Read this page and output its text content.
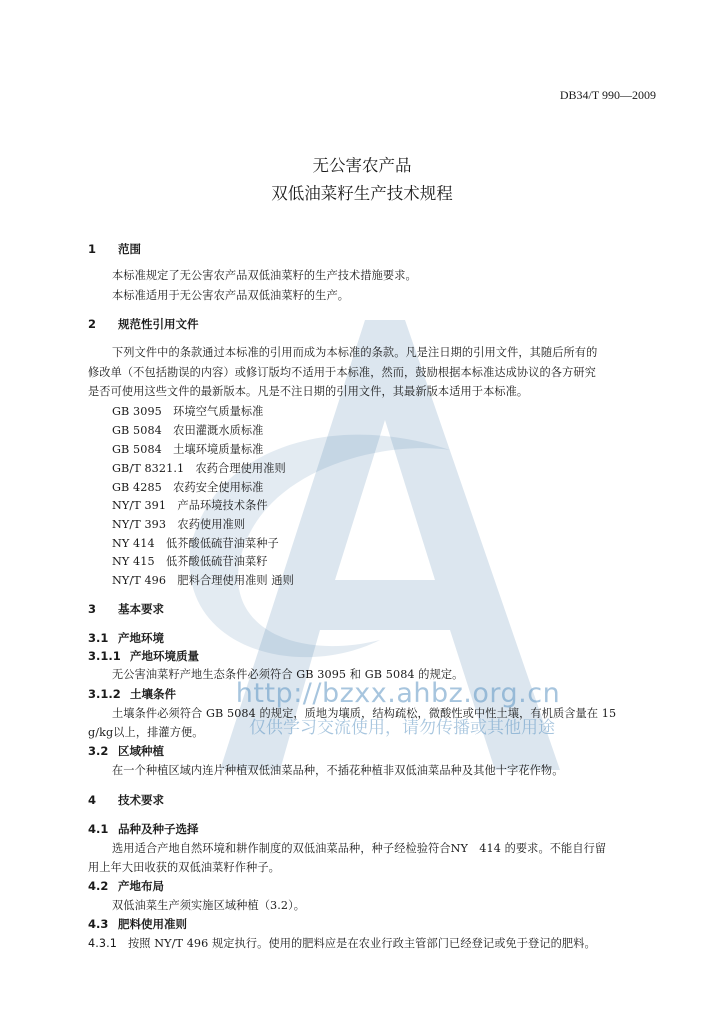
DB34/T 990—2009
无公害农产品
双低油菜籽生产技术规程
1 范围
本标准规定了无公害农产品双低油菜籽的生产技术措施要求。
本标准适用于无公害农产品双低油菜籽的生产。
2 规范性引用文件
下列文件中的条款通过本标准的引用而成为本标准的条款。凡是注日期的引用文件，其随后所有的
修改单（不包括勘误的内容）或修订版均不适用于本标准，然而，鼓励根据本标准达成协议的各方研究
是否可使用这些文件的最新版本。凡是不注日期的引用文件，其最新版本适用于本标准。
GB 3095　环境空气质量标准
GB 5084　农田灌溉水质标准
GB 5084　土壤环境质量标准
GB/T 8321.1　农药合理使用准则
GB 4285　农药安全使用标准
NY/T 391　产品环境技术条件
NY/T 393　农药使用准则
NY 414　低芥酸低硫苷油菜种子
NY 415　低芥酸低硫苷油菜籽
NY/T 496　肥料合理使用准则 通则
3 基本要求
3.1 产地环境
3.1.1 产地环境质量
无公害油菜籽产地生态条件必须符合 GB 3095 和 GB 5084 的规定。
3.1.2 土壤条件
土壤条件必须符合 GB 5084 的规定，质地为壤质，结构疏松，微酸性或中性土壤，有机质含量在 15
g/kg以上，排灌方便。
3.2 区域种植
在一个种植区域内连片种植双低油菜品种，不插花种植非双低油菜品种及其他十字花作物。
4 技术要求
4.1 品种及种子选择
选用适合产地自然环境和耕作制度的双低油菜品种，种子经检验符合NY　414 的要求。不能自行留
用上年大田收获的双低油菜籽作种子。
4.2 产地布局
双低油菜生产须实施区域种植（3.2）。
4.3 肥料使用准则
4.3.1 按照 NY/T 496 规定执行。使用的肥料应是在农业行政主管部门已经登记或免于登记的肥料。
http://bzxx.ahbz.org.cn
仅供学习交流使用，请勿传播或其他用途
